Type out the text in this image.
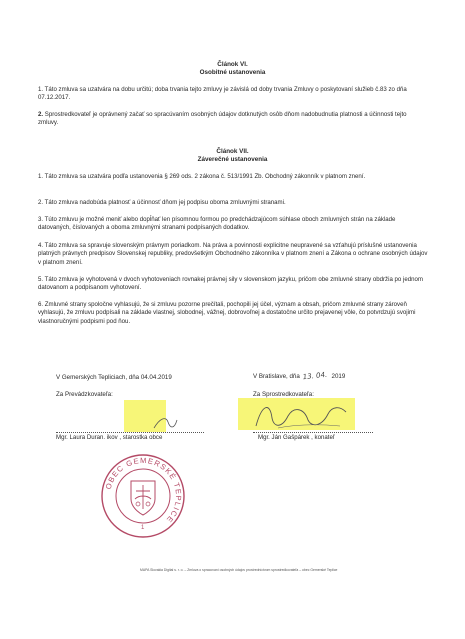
Článok VI.
Osobitné ustanovenia

1. Táto zmluva sa uzatvára na dobu určitú; doba trvania tejto zmluvy je závislá od doby trvania Zmluvy o poskytovaní služieb č.83 zo dňa 07.12.2017.

2. Sprostredkovateľ je oprávnený začať so spracúvaním osobných údajov dotknutých osôb dňom nadobudnutia platnosti a účinnosti tejto zmluvy.

Článok VII.
Záverečné ustanovenia

1. Táto zmluva sa uzatvára podľa ustanovenia § 269 ods. 2 zákona č. 513/1991 Zb. Obchodný zákonník v platnom znení.

2. Táto zmluva nadobúda platnosť a účinnosť dňom jej podpisu oboma zmluvnými stranami.

3. Túto zmluvu je možné meniť alebo dopĺňať len písomnou formou po predchádzajúcom súhlase oboch zmluvných strán na základe datovaných, číslovaných a oboma zmluvnými stranami podpísaných dodatkov.

4. Táto zmluva sa spravuje slovenským právnym poriadkom. Na práva a povinnosti explicitne neupravené sa vzťahujú príslušné ustanovenia platných právnych predpisov Slovenskej republiky, predovšetkým Obchodného zákonníka v platnom znení a Zákona o ochrane osobných údajov v platnom znení.

5. Táto zmluva je vyhotovená v dvoch vyhotoveniach rovnakej právnej sily v slovenskom jazyku, pričom obe zmluvné strany obdržia po jednom datovanom a podpísanom vyhotovení.

6. Zmluvné strany spoločne vyhlasujú, že si zmluvu pozorne prečítali, pochopili jej účel, význam a obsah, pričom zmluvné strany zároveň vyhlasujú, že zmluvu podpísali na základe vlastnej, slobodnej, vážnej, dobrovoľnej a dostatočne určito prejavenej vôle, čo potvrdzujú svojimi vlastnoručnými podpismi pod ňou.

V Gemerských Tepliciach, dňa 04.04.2019	V Bratislave, dňa 13. 04. 2019
Za Prevádzkovateľa:	Za Sprostredkovateľa:
Mgr. Laura Duran. ikov , starostka obce	Mgr. Ján Gašpárek , konateľ
OBEC GEMERSKÉ TEPLICE
1
MAPA Slovakia Digital s. r. o. – Zmluva o spracovaní osobných údajov prostredníctvom sprostredkovateľa – obec Gemerské Teplice
